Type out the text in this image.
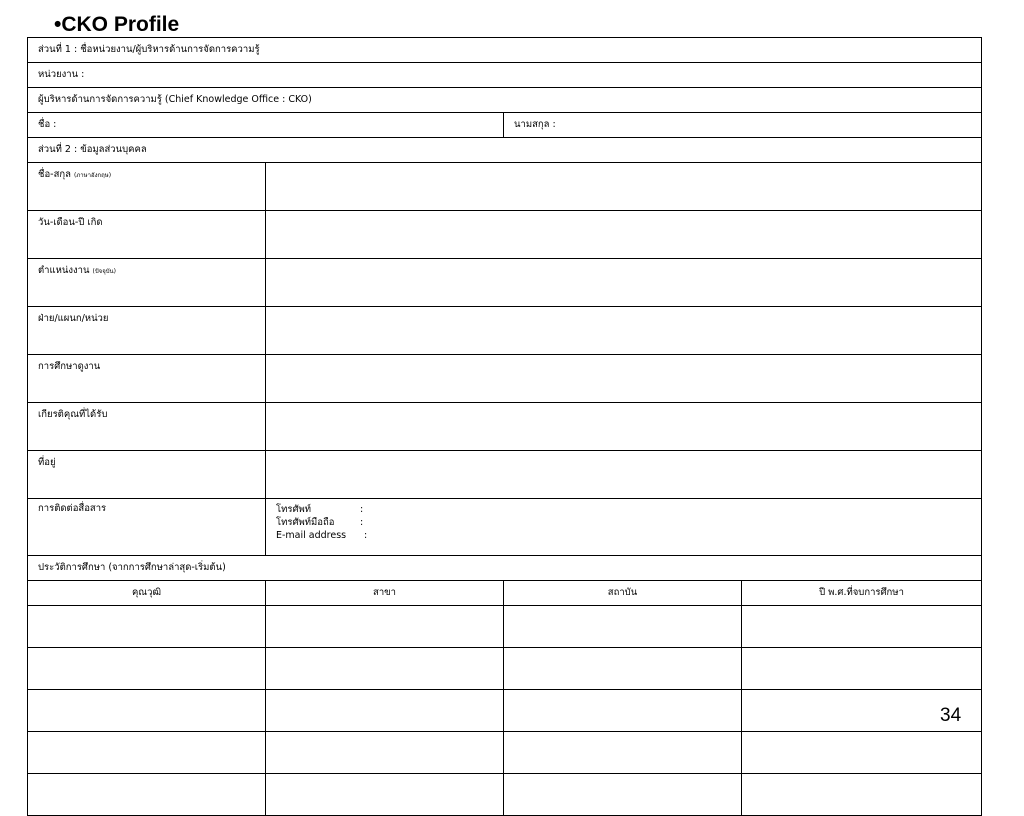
•CKO Profile
ส่วนที่ 1 : ชื่อหน่วยงาน/ผู้บริหารด้านการจัดการความรู้			
หน่วยงาน :			
ผู้บริหารด้านการจัดการความรู้ (Chief Knowledge Office : CKO)			
ชื่อ :		นามสกุล :	
ส่วนที่ 2 : ข้อมูลส่วนบุคคล			
ชื่อ-สกุล (ภาษาอังกฤษ)			
วัน-เดือน-ปี เกิด			
ตำแหน่งงาน (ปัจจุบัน)			
ฝ่าย/แผนก/หน่วย			
การศึกษาดูงาน			
เกียรติคุณที่ได้รับ			
ที่อยู่			
การติดต่อสื่อสาร	โทรศัพท์ :
โทรศัพท์มือถือ :
E-mail address :		

ประวัติการศึกษา (จากการศึกษาล่าสุด-เริ่มต้น)			
คุณวุฒิ	สาขา	สถาบัน	ปี พ.ศ.ที่จบการศึกษา

34
